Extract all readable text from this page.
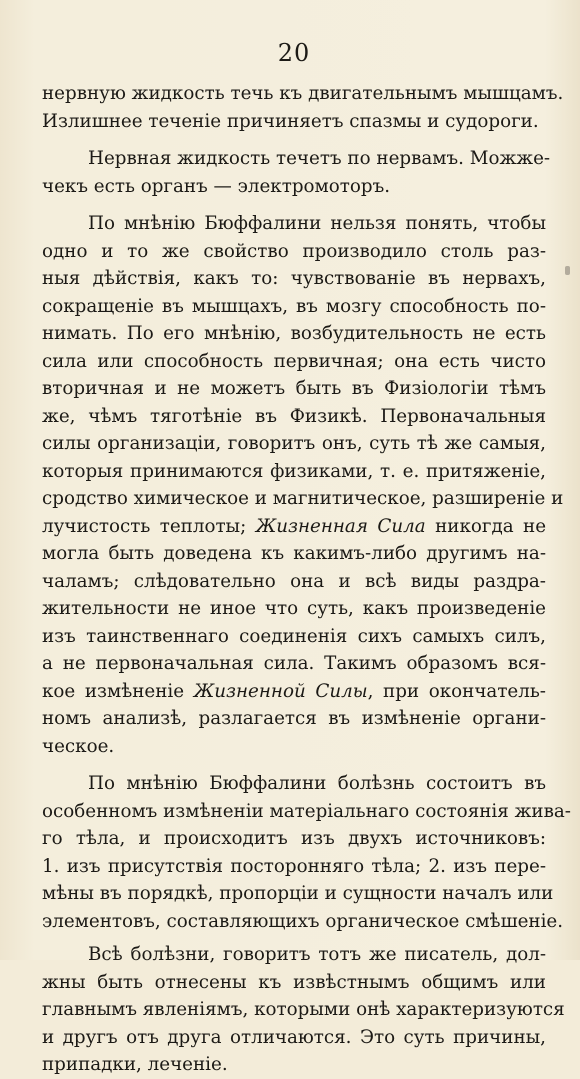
20
нервную жидкость течь къ двигательнымъ мышцамъ.
Излишнее теченіе причиняетъ спазмы и судороги.
Нервная жидкость течетъ по нервамъ. Можже-
чекъ есть органъ — электромоторъ.
По мнѣнію Бюффалини нельзя понять, чтобы
одно и то же свойство производило столь раз-
ныя дѣйствія, какъ то: чувствованіе въ нервахъ,
сокращеніе въ мышцахъ, въ мозгу способность по-
нимать. По его мнѣнію, возбудительность не есть
сила или способность первичная; она есть чисто
вторичная и не можетъ быть въ Физіологіи тѣмъ
же, чѣмъ тяготѣніе въ Физикѣ. Первоначальныя
силы организаціи, говоритъ онъ, суть тѣ же самыя,
которыя принимаются физиками, т. е. притяженіе,
сродство химическое и магнитическое, разширеніе и
лучистость теплоты; Жизненная Сила никогда не
могла быть доведена къ какимъ-либо другимъ на-
чаламъ; слѣдовательно она и всѣ виды раздра-
жительности не иное что суть, какъ произведеніе
изъ таинственнаго соединенія сихъ самыхъ силъ,
а не первоначальная сила. Такимъ образомъ вся-
кое измѣненіе Жизненной Силы, при окончатель-
номъ анализѣ, разлагается въ измѣненіе органи-
ческое.
По мнѣнію Бюффалини болѣзнь состоитъ въ
особенномъ измѣненіи матеріальнаго состоянія жива-
го тѣла, и происходитъ изъ двухъ источниковъ:
1. изъ присутствія посторонняго тѣла; 2. изъ пере-
мѣны въ порядкѣ, пропорціи и сущности началъ или
элементовъ, составляющихъ органическое смѣшеніе.
Всѣ болѣзни, говоритъ тотъ же писатель, дол-
жны быть отнесены къ извѣстнымъ общимъ или
главнымъ явленіямъ, которыми онѣ характеризуются
и другъ отъ друга отличаются. Это суть причины,
припадки, леченіе.
